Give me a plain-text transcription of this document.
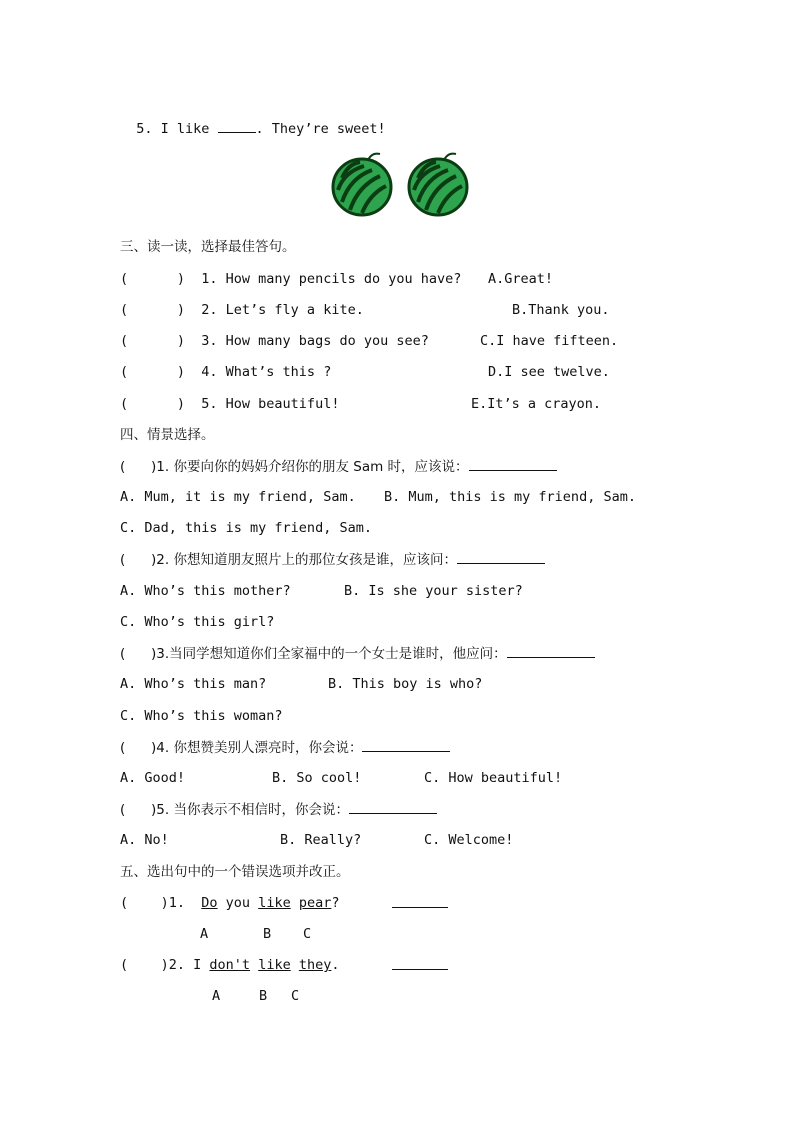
5. I like	. They’re sweet!

三、读一读，选择最佳答句。
(      )  1. How many pencils do you have? A.Great!
(      )  2. Let’s fly a kite.	B.Thank you.
(      )  3. How many bags do you see?	C.I have fifteen.
(      )  4. What’s this ?	D.I see twelve.
(      )  5. How beautiful!	E.It’s a crayon.
四、情景选择。
(      )1. 你要向你的妈妈介绍你的朋友 Sam 时，应该说：
A. Mum, it is my friend, Sam. B. Mum, this is my friend, Sam.
C. Dad, this is my friend, Sam.
(      )2. 你想知道朋友照片上的那位女孩是谁，应该问：
A. Who’s this mother?	B. Is she your sister?
C. Who’s this girl?
(      )3.当同学想知道你们全家福中的一个女士是谁时，他应问：
A. Who’s this man?	B. This boy is who?
C. Who’s this woman?
(      )4. 你想赞美别人漂亮时，你会说：
A. Good!	B. So cool!	C. How beautiful!
(      )5. 当你表示不相信时，你会说：
A. No!	B. Really?	C. Welcome!
五、选出句中的一个错误选项并改正。
(    )1.  Do you like pear?
A	B C
(    )2. I don't like they.
A	B C
